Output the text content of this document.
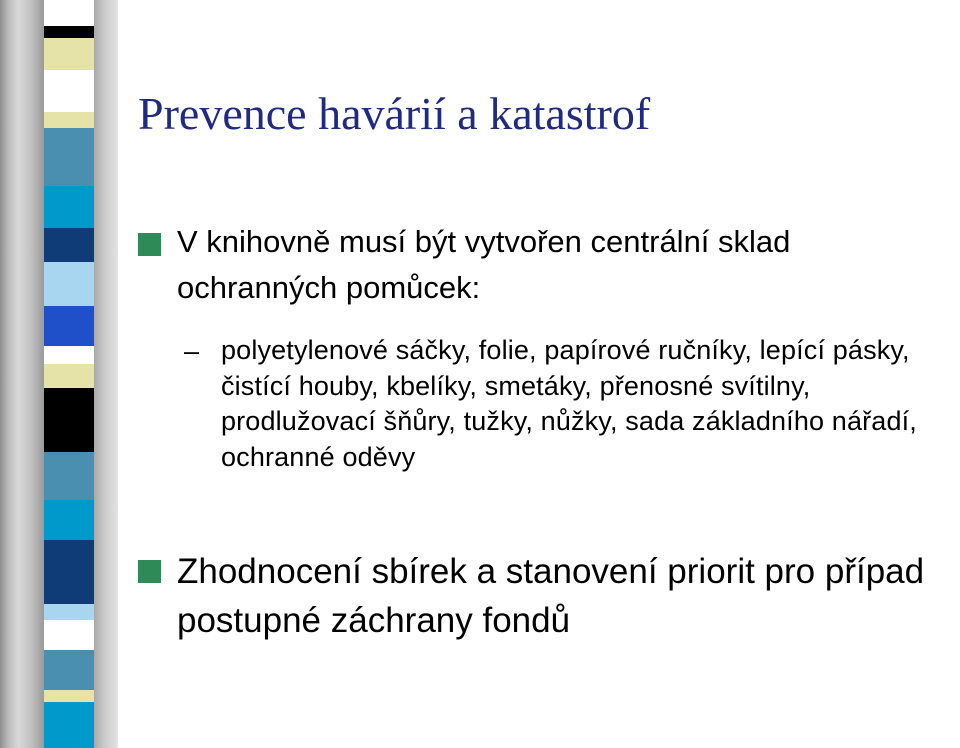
Prevence havárií a katastrof
V knihovně musí být vytvořen centrální sklad ochranných pomůcek:
– polyetylenové sáčky, folie, papírové ručníky, lepící pásky, čistící houby, kbelíky, smetáky, přenosné svítilny, prodlužovací šňůry, tužky, nůžky, sada základního nářadí, ochranné oděvy
Zhodnocení sbírek a stanovení priorit pro případ postupné záchrany fondů
